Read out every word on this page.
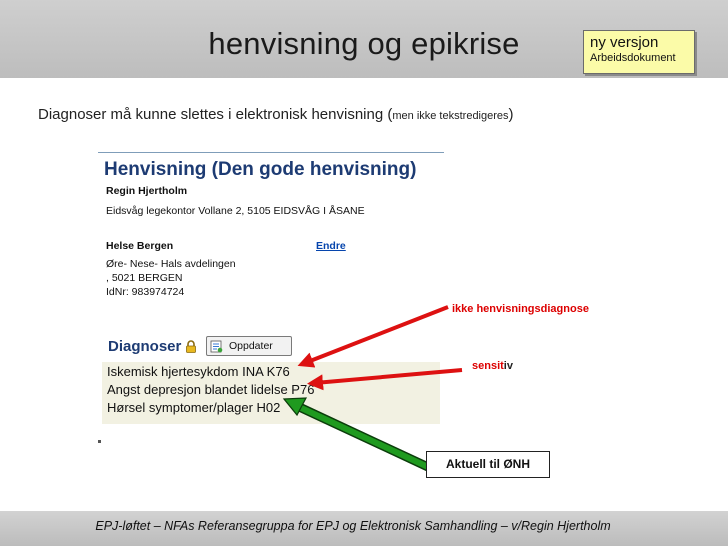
henvisning og epikrise	ny versjon
Arbeidsdokument
Diagnoser må kunne slettes i elektronisk henvisning (men ikke tekstredigeres)
Henvisning (Den gode henvisning)
Regin Hjertholm
Eidsvåg legekontor Vollane 2, 5105 EIDSVÅG I ÅSANE
Helse Bergen	Endre
Øre- Nese- Hals avdelingen
, 5021 BERGEN
IdNr: 983974724
Diagnoser	Oppdater
Iskemisk hjertesykdom INA K76
Angst depresjon blandet lidelse P76
Hørsel symptomer/plager H02
ikke henvisningsdiagnose
sensitiv
Aktuell til ØNH
EPJ-løftet – NFAs Referansegruppa for EPJ og Elektronisk Samhandling – v/Regin Hjertholm
